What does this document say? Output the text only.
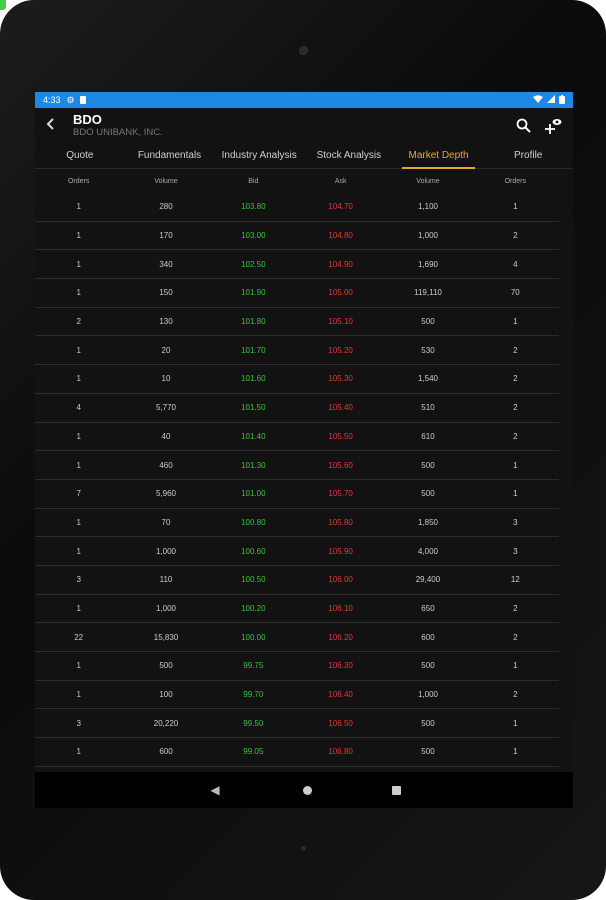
4:33 ⚙
BDO
BDO UNIBANK, INC.
Quote	Fundamentals	Industry Analysis	Stock Analysis	Market Depth	Profile
Orders	Volume	Bid	Ask	Volume	Orders
1	280	103.80	104.70	1,100	1
1	170	103.00	104.80	1,000	2
1	340	102.50	104.90	1,690	4
1	150	101.90	105.00	119,110	70
2	130	101.80	105.10	500	1
1	20	101.70	105.20	530	2
1	10	101.60	105.30	1,540	2
4	5,770	101.50	105.40	510	2
1	40	101.40	105.50	610	2
1	460	101.30	105.60	500	1
7	5,960	101.00	105.70	500	1
1	70	100.80	105.80	1,850	3
1	1,000	100.60	105.90	4,000	3
3	110	100.50	106.00	29,400	12
1	1,000	100.20	106.10	650	2
22	15,830	100.00	106.20	600	2
1	500	99.75	106.30	500	1
1	100	99.70	106.40	1,000	2
3	20,220	99.50	106.50	500	1
1	600	99.05	106.80	500	1
◀
